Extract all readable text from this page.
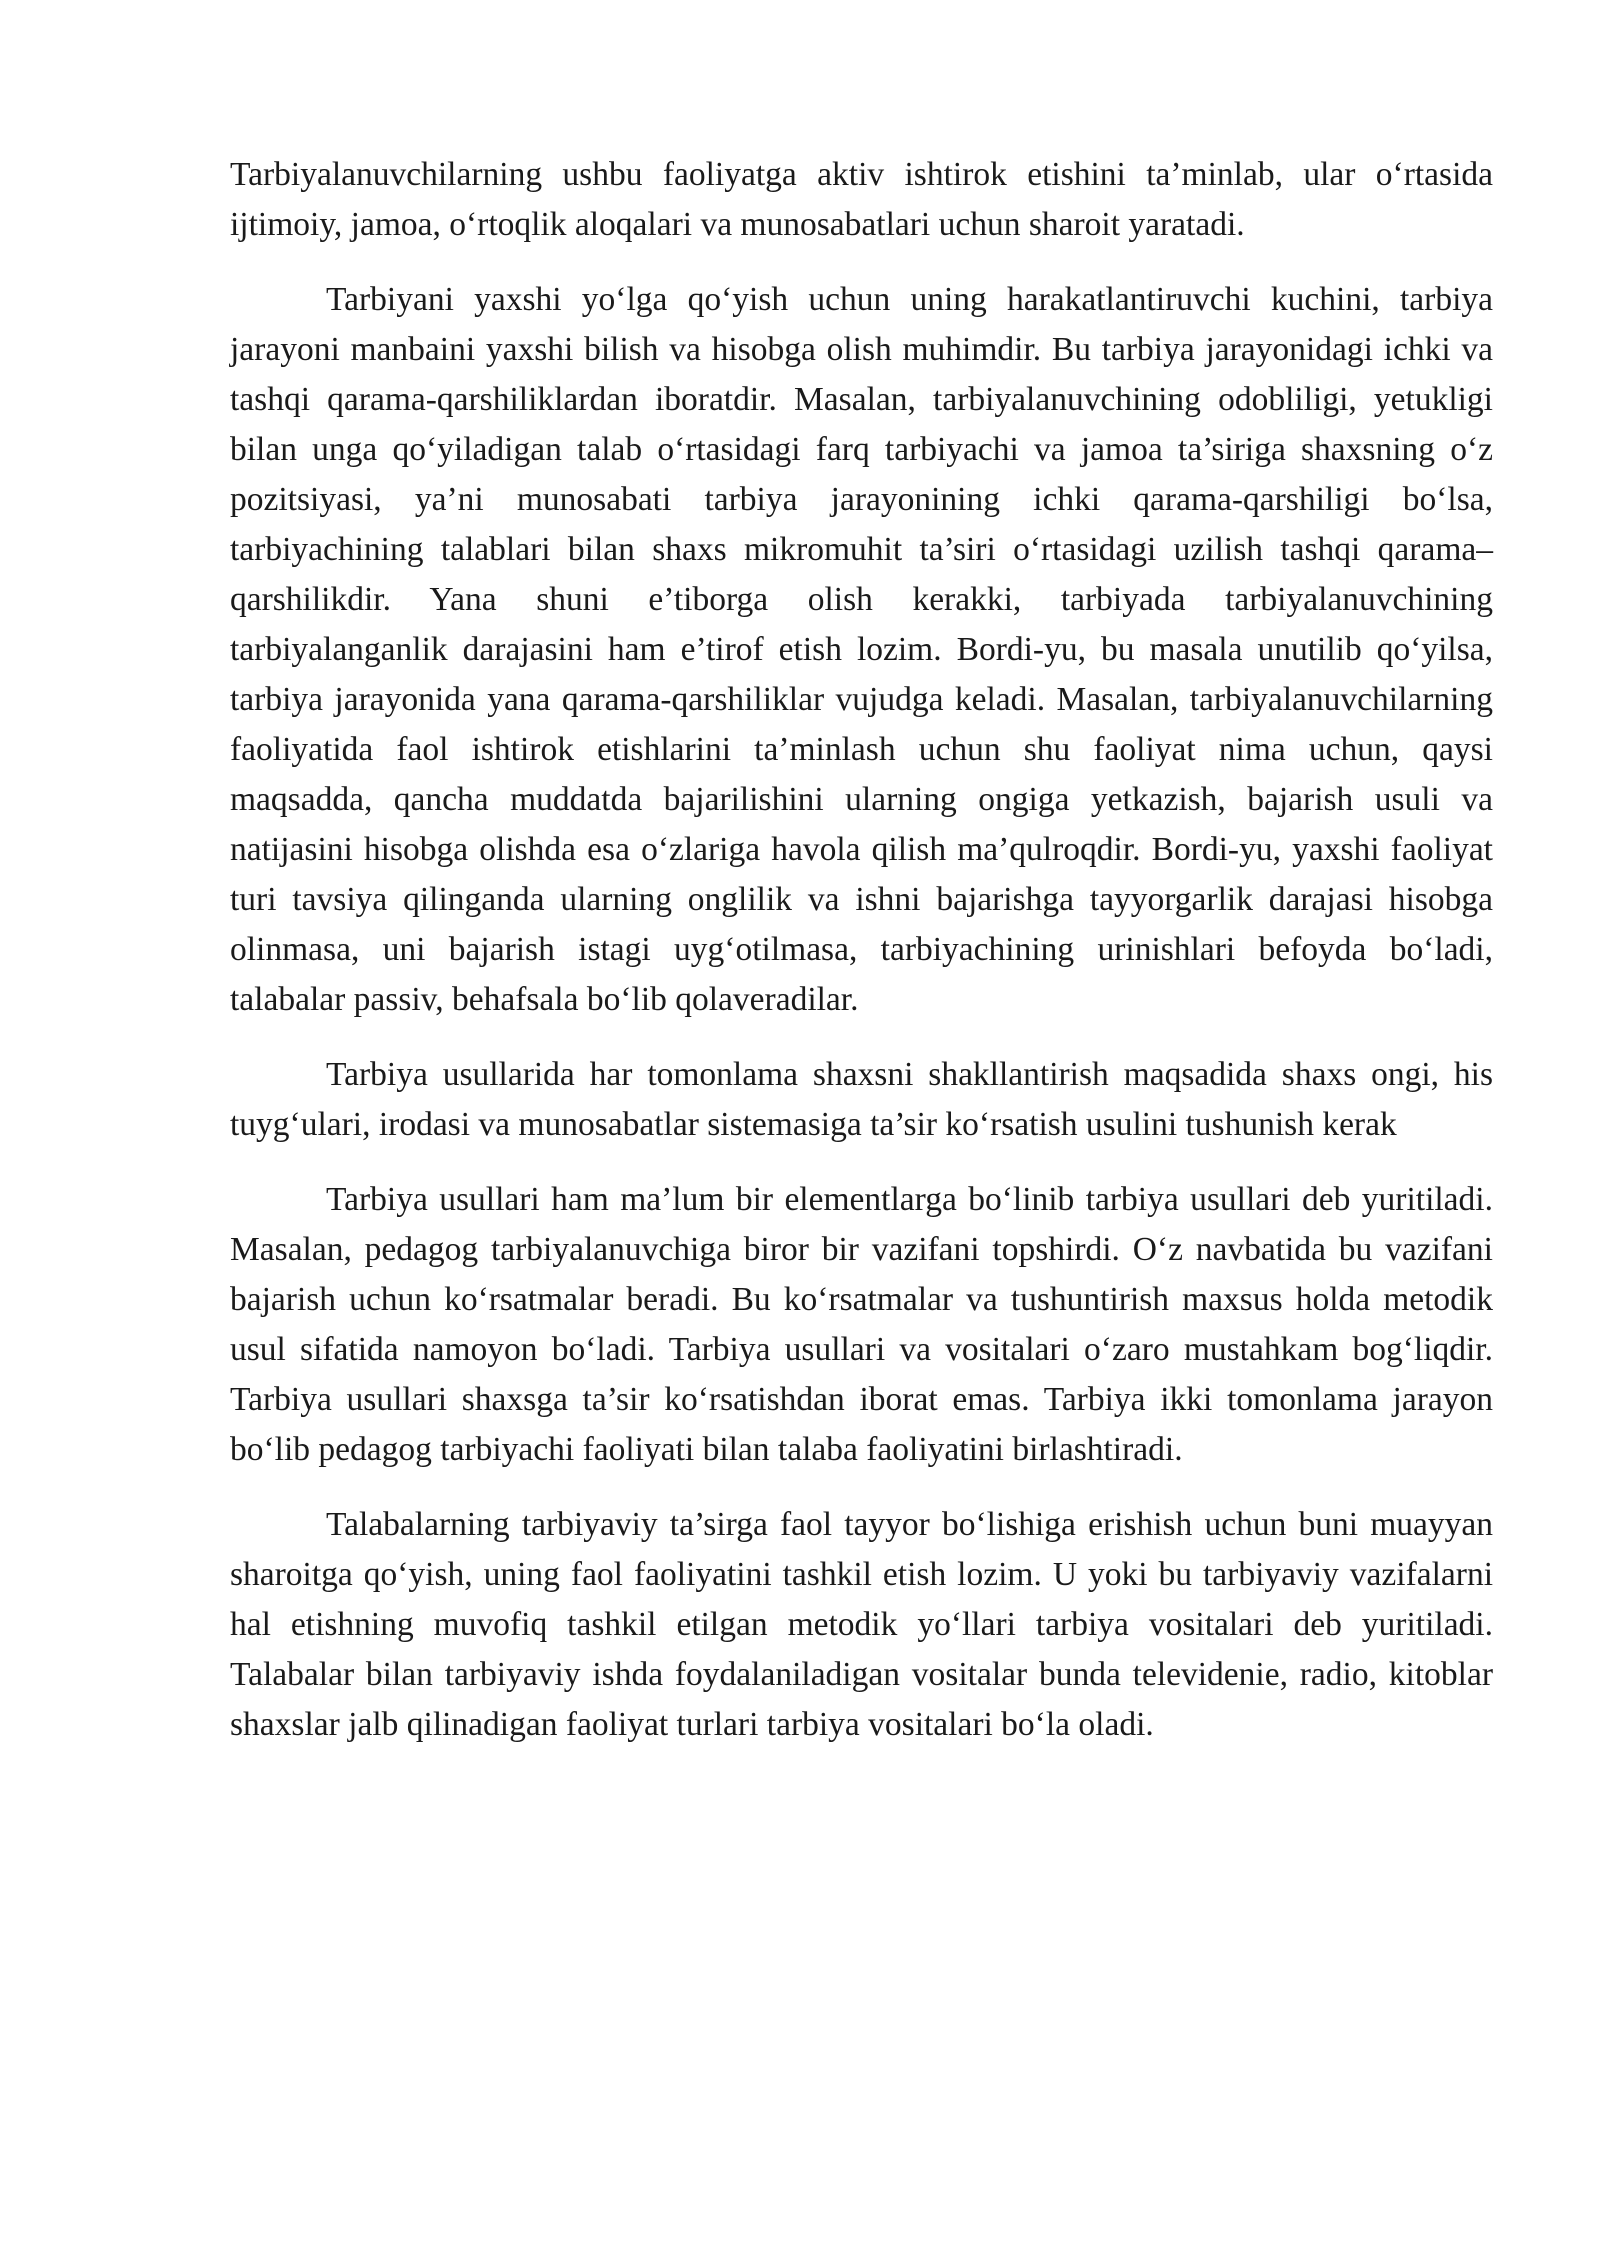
Tarbiyalanuvchilarning ushbu faoliyatga aktiv ishtirok etishini ta’minlab, ular o‘rtasida ijtimoiy, jamoa, o‘rtoqlik aloqalari va munosabatlari uchun sharoit yaratadi.

Tarbiyani yaxshi yo‘lga qo‘yish uchun uning harakatlantiruvchi kuchini, tarbiya jarayoni manbaini yaxshi bilish va hisobga olish muhimdir. Bu tarbiya jarayonidagi ichki va tashqi qarama-qarshiliklardan iboratdir. Masalan, tarbiyalanuvchining odobliligi, yetukligi bilan unga qo‘yiladigan talab o‘rtasidagi farq tarbiyachi va jamoa ta’siriga shaxsning o‘z pozitsiyasi, ya’ni munosabati tarbiya jarayonining ichki qarama-qarshiligi bo‘lsa, tarbiyachining talablari bilan shaxs mikromuhit ta’siri o‘rtasidagi uzilish tashqi qarama–qarshilikdir. Yana shuni e’tiborga olish kerakki, tarbiyada tarbiyalanuvchining tarbiyalanganlik darajasini ham e’tirof etish lozim. Bordi-yu, bu masala unutilib qo‘yilsa, tarbiya jarayonida yana qarama-qarshiliklar vujudga keladi. Masalan, tarbiyalanuvchilarning faoliyatida faol ishtirok etishlarini ta’minlash uchun shu faoliyat nima uchun, qaysi maqsadda, qancha muddatda bajarilishini ularning ongiga yetkazish, bajarish usuli va natijasini hisobga olishda esa o‘zlariga havola qilish ma’qulroqdir. Bordi-yu, yaxshi faoliyat turi tavsiya qilinganda ularning onglilik va ishni bajarishga tayyorgarlik darajasi hisobga olinmasa, uni bajarish istagi uyg‘otilmasa, tarbiyachining urinishlari befoyda bo‘ladi, talabalar passiv, behafsala bo‘lib qolaveradilar.

Tarbiya usullarida har tomonlama shaxsni shakllantirish maqsadida shaxs ongi, his tuyg‘ulari, irodasi va munosabatlar sistemasiga ta’sir ko‘rsatish usulini tushunish kerak

Tarbiya usullari ham ma’lum bir elementlarga bo‘linib tarbiya usullari deb yuritiladi. Masalan, pedagog tarbiyalanuvchiga biror bir vazifani topshirdi. O‘z navbatida bu vazifani bajarish uchun ko‘rsatmalar beradi. Bu ko‘rsatmalar va tushuntirish maxsus holda metodik usul sifatida namoyon bo‘ladi. Tarbiya usullari va vositalari o‘zaro mustahkam bog‘liqdir. Tarbiya usullari shaxsga ta’sir ko‘rsatishdan iborat emas. Tarbiya ikki tomonlama jarayon bo‘lib pedagog tarbiyachi faoliyati bilan talaba faoliyatini birlashtiradi.

Talabalarning tarbiyaviy ta’sirga faol tayyor bo‘lishiga erishish uchun buni muayyan sharoitga qo‘yish, uning faol faoliyatini tashkil etish lozim. U yoki bu tarbiyaviy vazifalarni hal etishning muvofiq tashkil etilgan metodik yo‘llari tarbiya vositalari deb yuritiladi. Talabalar bilan tarbiyaviy ishda foydalaniladigan vositalar bunda televidenie, radio, kitoblar shaxslar jalb qilinadigan faoliyat turlari tarbiya vositalari bo‘la oladi.
